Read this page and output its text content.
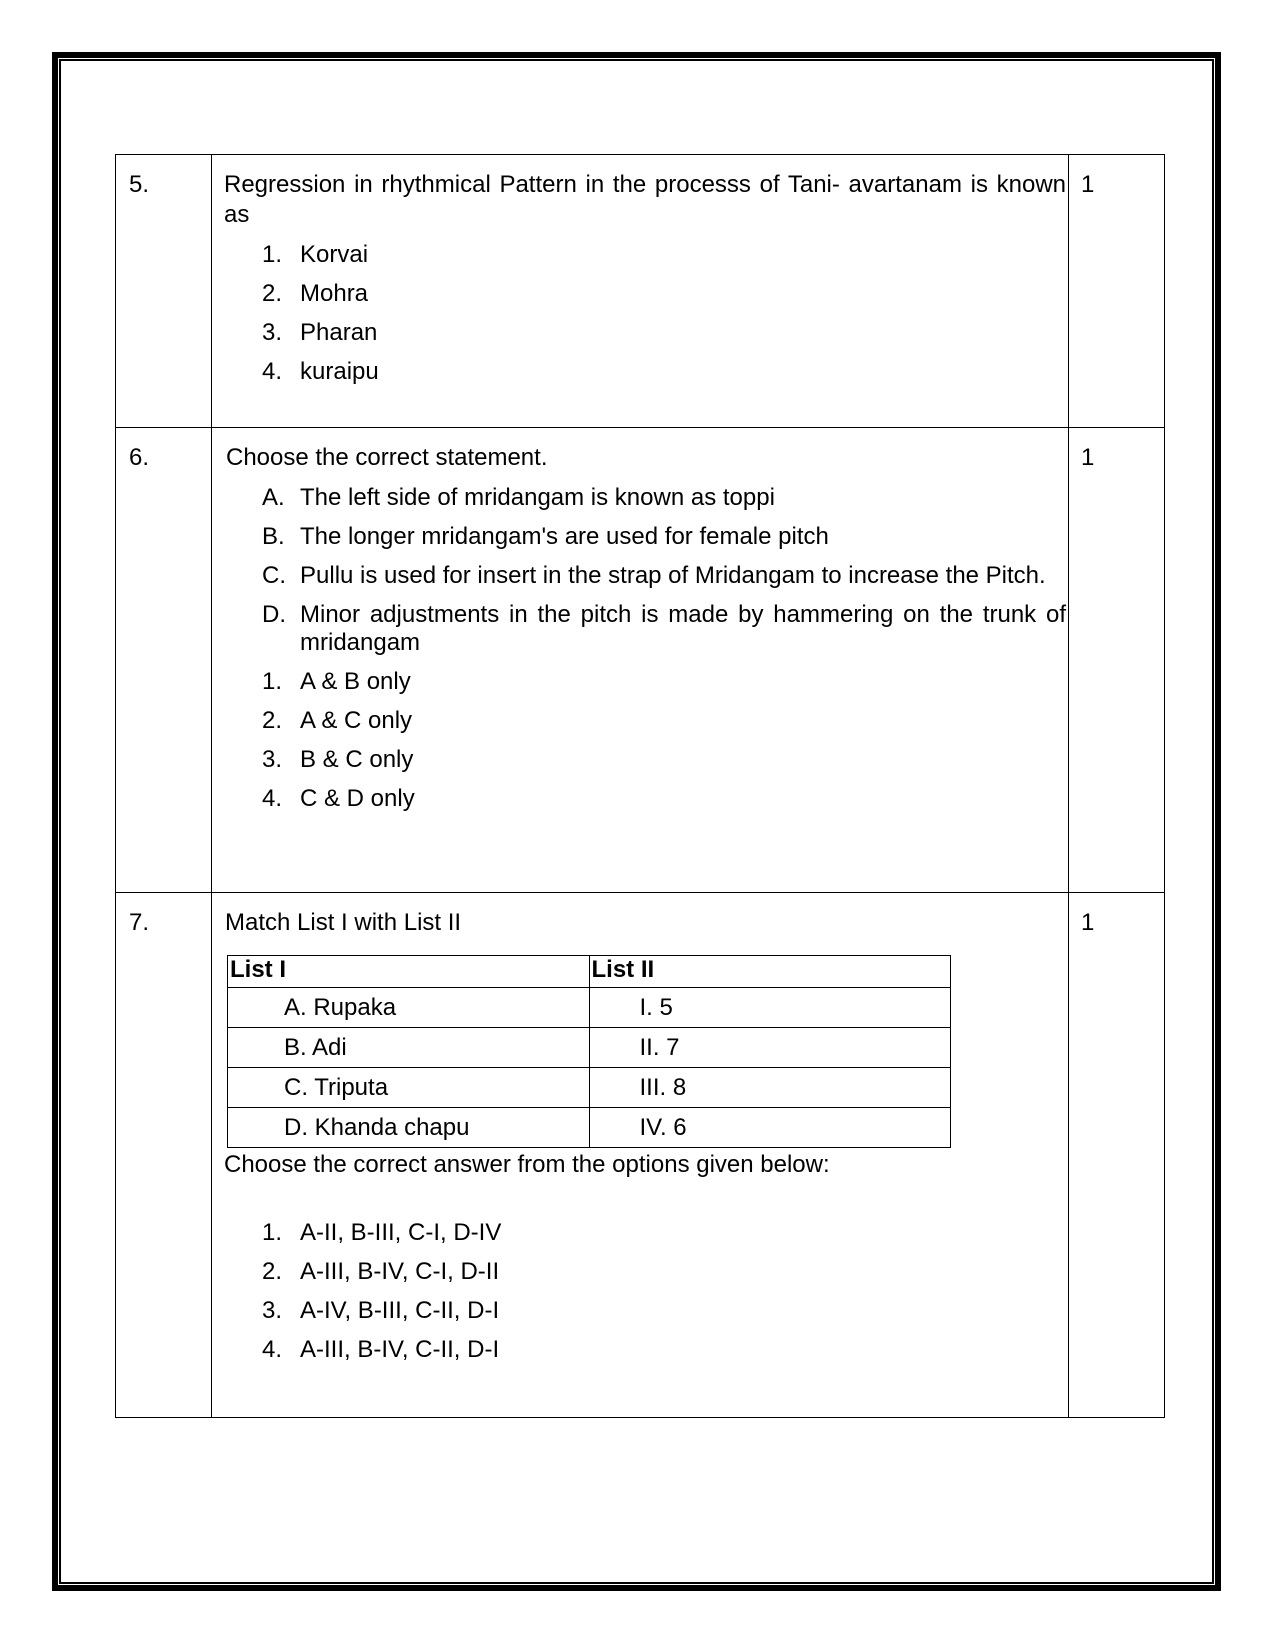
5.	Regression in rhythmical Pattern in the processs of Tani- avartanam is known as
1. Korvai
2. Mohra
3. Pharan
4. kuraipu
	1
6.	Choose the correct statement.
A. The left side of mridangam is known as toppi
B. The longer mridangam's are used for female pitch
C. Pullu is used for insert in the strap of Mridangam to increase the Pitch.
D. Minor adjustments in the pitch is made by hammering on the trunk of mridangam
1. A & B only
2. A & C only
3. B & C only
4. C & D only
	1
7.	Match List I with List II
List I	List II
A. Rupaka	I. 5
B. Adi	II. 7
C. Triputa	III. 8
D. Khanda chapu	IV. 6
Choose the correct answer from the options given below:
1. A-II, B-III, C-I, D-IV
2. A-III, B-IV, C-I, D-II
3. A-IV, B-III, C-II, D-I
4. A-III, B-IV, C-II, D-I
	1
